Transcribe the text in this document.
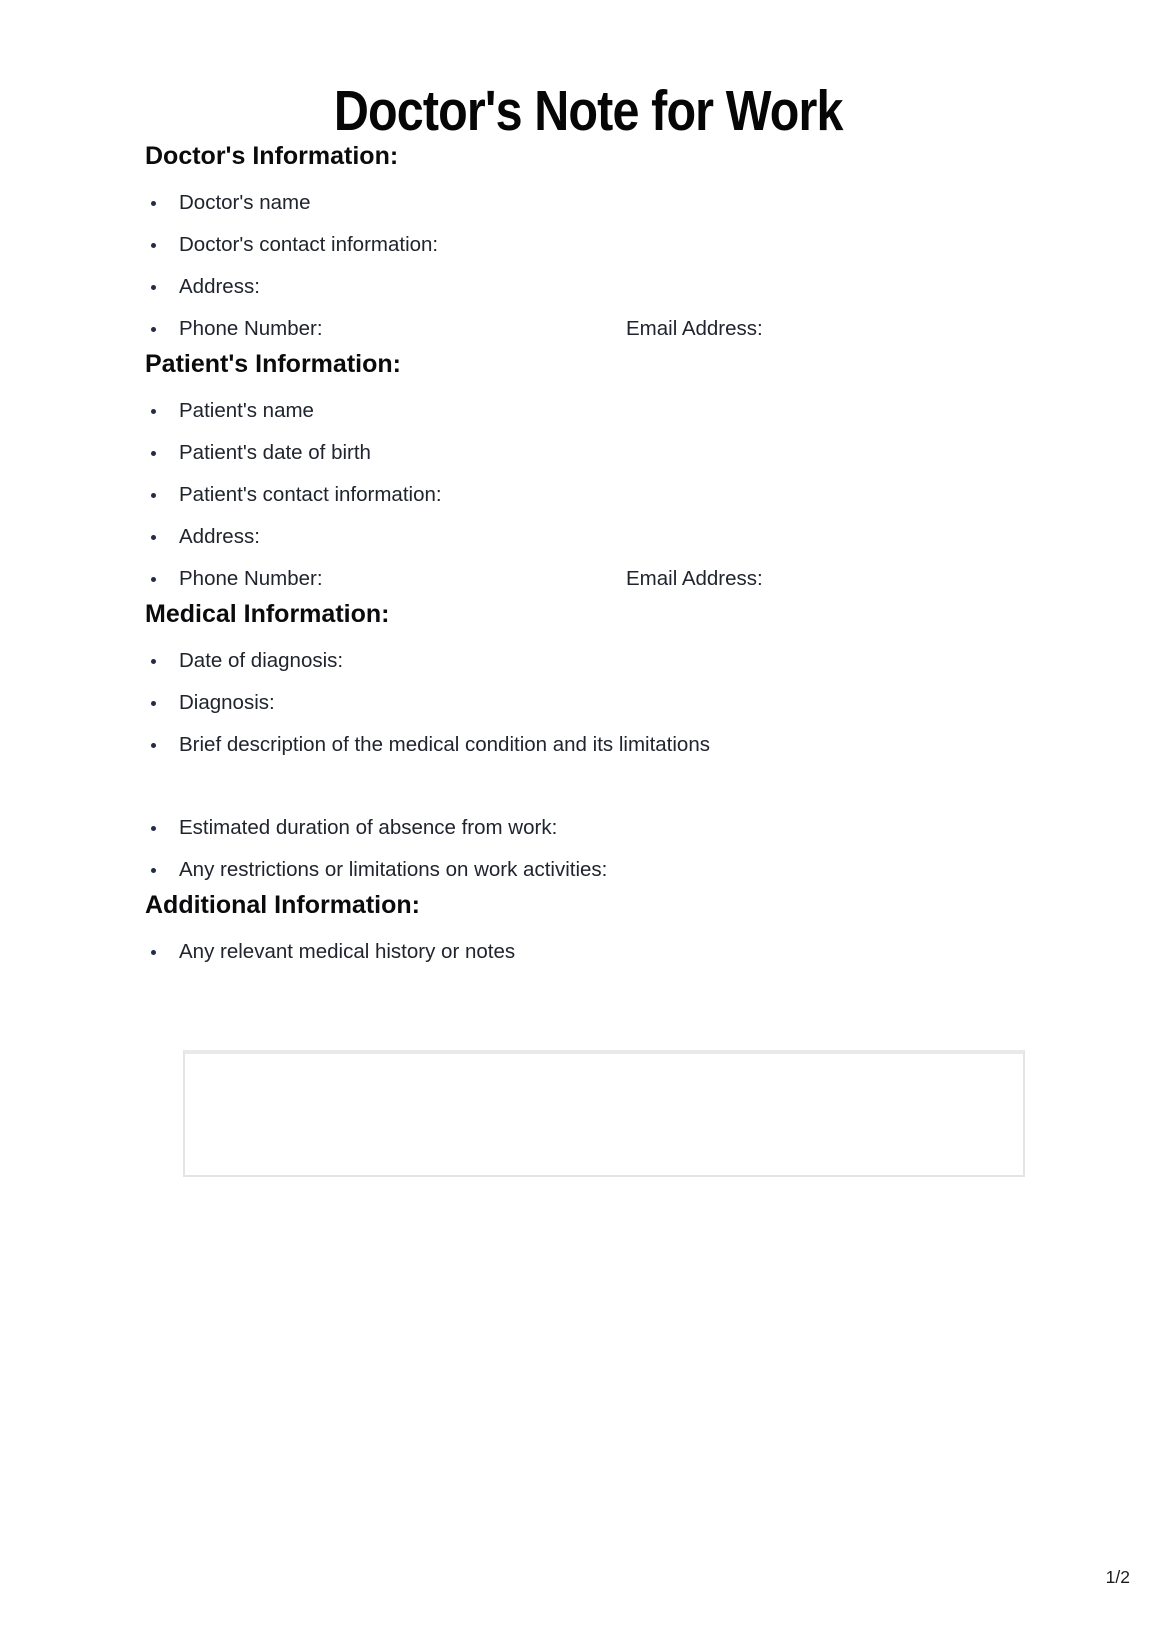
Doctor's Note for Work
Doctor's Information:
• Doctor's name
• Doctor's contact information:
• Address:
• Phone Number:	Email Address:
Patient's Information:
• Patient's name
• Patient's date of birth
• Patient's contact information:
• Address:
• Phone Number:	Email Address:
Medical Information:
• Date of diagnosis:
• Diagnosis:
• Brief description of the medical condition and its limitations
• Estimated duration of absence from work:
• Any restrictions or limitations on work activities:
Additional Information:
• Any relevant medical history or notes
1/2
